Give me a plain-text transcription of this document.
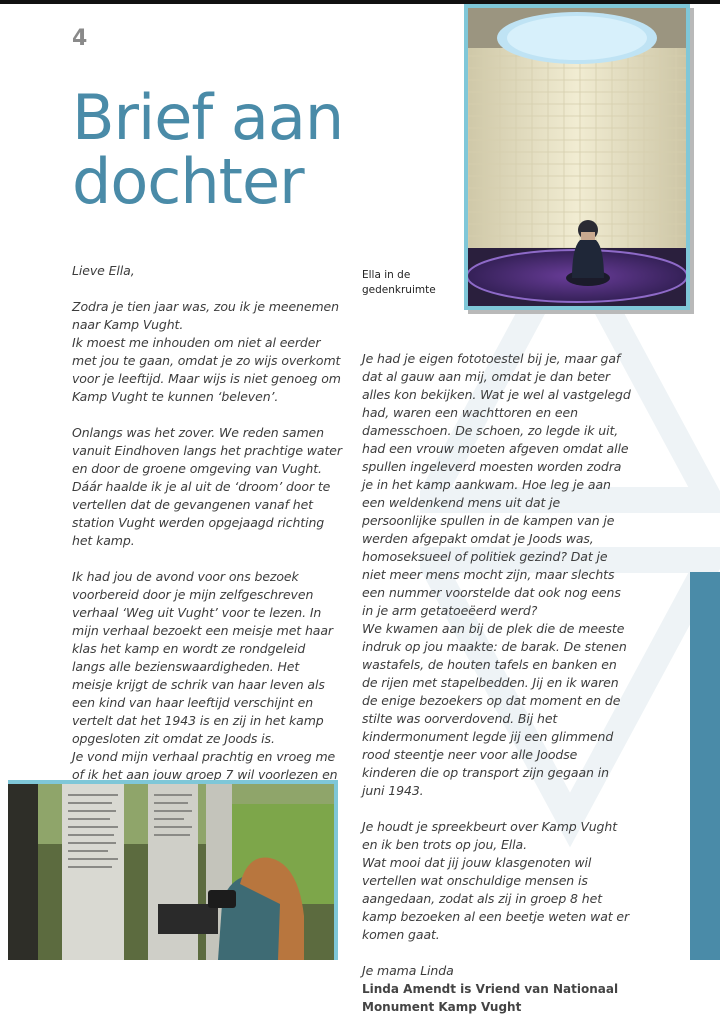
4
Brief aan
dochter

Ella in de
gedenkruimte

Lieve Ella,

Zodra je tien jaar was, zou ik je meenemen naar Kamp Vught.

Ik moest me inhouden om niet al eerder met jou te gaan, omdat je zo wijs overkomt voor je leeftijd. Maar wijs is niet genoeg om Kamp Vught te kunnen ‘beleven’.

Onlangs was het zover. We reden samen vanuit Eindhoven langs het prachtige water en door de groene omgeving van Vught. Dáár haalde ik je al uit de ‘droom’ door te vertellen dat de gevangenen vanaf het station Vught werden opgejaagd richting het kamp.

Ik had jou de avond voor ons bezoek voorbereid door je mijn zelfgeschreven verhaal ‘Weg uit Vught’ voor te lezen. In mijn verhaal bezoekt een meisje met haar klas het kamp en wordt ze rondgeleid langs alle bezienswaardigheden. Het meisje krijgt de schrik van haar leven als een kind van haar leeftijd verschijnt en vertelt dat het 1943 is en zij in het kamp opgesloten zit omdat ze Joods is.

Je vond mijn verhaal prachtig en vroeg me of ik het aan jouw groep 7 wil voorlezen en

Je had je eigen fototoestel bij je, maar gaf dat al gauw aan mij, omdat je dan beter alles kon bekijken. Wat je wel al vastgelegd had, waren een wachttoren en een damesschoen. De schoen, zo legde ik uit, had een vrouw moeten afgeven omdat alle spullen ingeleverd moesten worden zodra je in het kamp aankwam. Hoe leg je aan een weldenkend mens uit dat je persoonlijke spullen in de kampen van je werden afgepakt omdat je Joods was, homoseksueel of politiek gezind? Dat je niet meer mens mocht zijn, maar slechts een nummer voorstelde dat ook nog eens in je arm getatoeëerd werd?

We kwamen aan bij de plek die de meeste indruk op jou maakte: de barak. De stenen wastafels, de houten tafels en banken en de rijen met stapelbedden. Jij en ik waren de enige bezoekers op dat moment en de stilte was oorverdovend. Bij het kindermonument legde jij een glimmend rood steentje neer voor alle Joodse kinderen die op transport zijn gegaan in juni 1943.

Je houdt je spreekbeurt over Kamp Vught en ik ben trots op jou, Ella.

Wat mooi dat jij jouw klasgenoten wil vertellen wat onschuldige mensen is aangedaan, zodat als zij in groep 8 het kamp bezoeken al een beetje weten wat er komen gaat.

Je mama Linda

Linda Amendt is Vriend van Nationaal

Monument Kamp Vught
